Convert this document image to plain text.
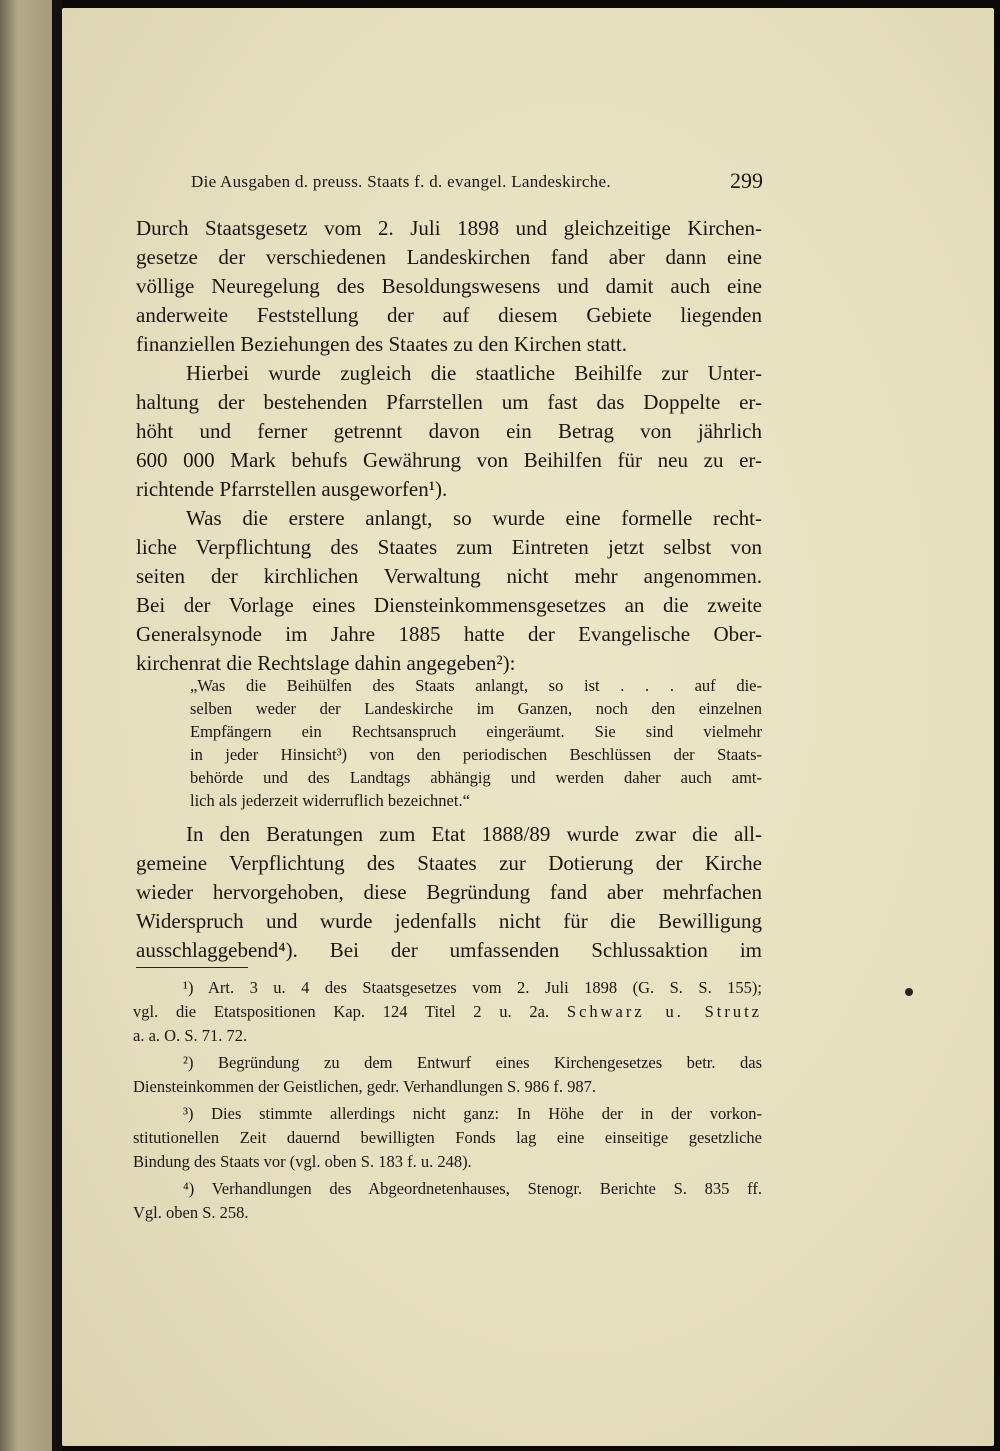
Die Ausgaben d. preuss. Staats f. d. evangel. Landeskirche.	299
Durch Staatsgesetz vom 2. Juli 1898 und gleichzeitige Kirchen-
gesetze der verschiedenen Landeskirchen fand aber dann eine
völlige Neuregelung des Besoldungswesens und damit auch eine
anderweite Feststellung der auf diesem Gebiete liegenden
finanziellen Beziehungen des Staates zu den Kirchen statt.
Hierbei wurde zugleich die staatliche Beihilfe zur Unter-
haltung der bestehenden Pfarrstellen um fast das Doppelte er-
höht und ferner getrennt davon ein Betrag von jährlich
600 000 Mark behufs Gewährung von Beihilfen für neu zu er-
richtende Pfarrstellen ausgeworfen¹).
Was die erstere anlangt, so wurde eine formelle recht-
liche Verpflichtung des Staates zum Eintreten jetzt selbst von
seiten der kirchlichen Verwaltung nicht mehr angenommen.
Bei der Vorlage eines Diensteinkommensgesetzes an die zweite
Generalsynode im Jahre 1885 hatte der Evangelische Ober-
kirchenrat die Rechtslage dahin angegeben²):
„Was die Beihülfen des Staats anlangt, so ist . . . auf die-
selben weder der Landeskirche im Ganzen, noch den einzelnen
Empfängern ein Rechtsanspruch eingeräumt. Sie sind vielmehr
in jeder Hinsicht³) von den periodischen Beschlüssen der Staats-
behörde und des Landtags abhängig und werden daher auch amt-
lich als jederzeit widerruflich bezeichnet.“
In den Beratungen zum Etat 1888/89 wurde zwar die all-
gemeine Verpflichtung des Staates zur Dotierung der Kirche
wieder hervorgehoben, diese Begründung fand aber mehrfachen
Widerspruch und wurde jedenfalls nicht für die Bewilligung
ausschlaggebend⁴). Bei der umfassenden Schlussaktion im
¹) Art. 3 u. 4 des Staatsgesetzes vom 2. Juli 1898 (G. S. S. 155);
vgl. die Etatspositionen Kap. 124 Titel 2 u. 2a. Schwarz u. Strutz
a. a. O. S. 71. 72.
²) Begründung zu dem Entwurf eines Kirchengesetzes betr. das
Diensteinkommen der Geistlichen, gedr. Verhandlungen S. 986 f. 987.
³) Dies stimmte allerdings nicht ganz: In Höhe der in der vorkon-
stitutionellen Zeit dauernd bewilligten Fonds lag eine einseitige gesetzliche
Bindung des Staats vor (vgl. oben S. 183 f. u. 248).
⁴) Verhandlungen des Abgeordnetenhauses, Stenogr. Berichte S. 835 ff.
Vgl. oben S. 258.
